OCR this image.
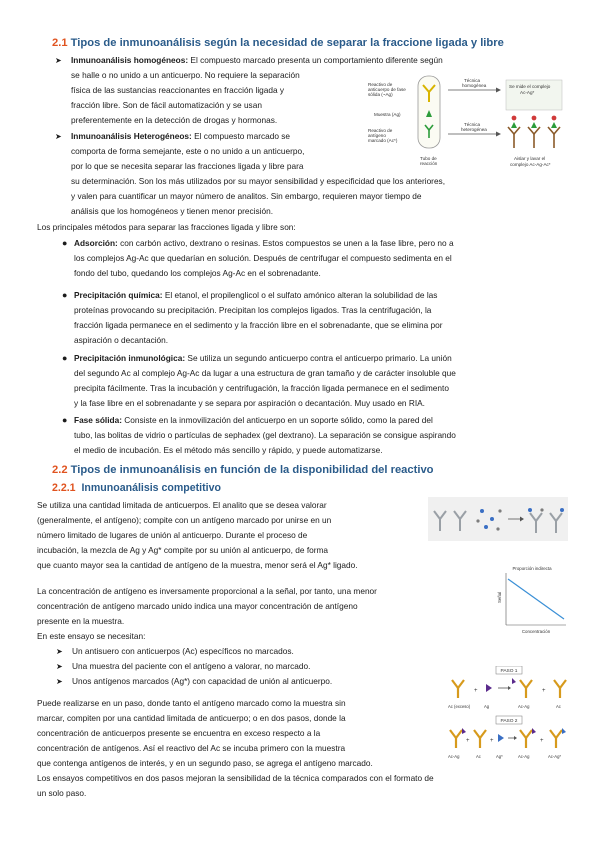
2.1 Tipos de inmunoanálisis según la necesidad de separar la fraccione ligada y libre
➤ Inmunoanálisis homogéneos: El compuesto marcado presenta un comportamiento diferente según

se halle o no unido a un anticuerpo. No requiere la separación

física de las sustancias reaccionantes en fracción ligada y

fracción libre. Son de fácil automatización y se usan

preferentemente en la detección de drogas y hormonas.

➤ Inmunoanálisis Heterogéneos: El compuesto marcado se

comporta de forma semejante, este o no unido a un anticuerpo,

por lo que se necesita separar las fracciones ligada y libre para

su determinación. Son los más utilizados por su mayor sensibilidad y especificidad que los anteriores,

y valen para cuantificar un mayor número de analitos. Sin embargo, requieren mayor tiempo de

análisis que los homogéneos y tienen menor precisión.

Reactivo de
anticuerpo de fase
sólida (~Ag)
Muestra (Ag)
Reactivo de
antígeno
marcado (Ac*)
Tubo de
reacción
Técnica
homogénea
Técnica
heterogénea
Se mide el complejo
Ac-Ag*
Aislar y lavar el
complejo Ac-Ag-Ac*

Los principales métodos para separar las fracciones ligada y libre son:

● Adsorción: con carbón activo, dextrano o resinas. Estos compuestos se unen a la fase libre, pero no a

los complejos Ag-Ac que quedarían en solución. Después de centrifugar el compuesto sedimenta en el

fondo del tubo, quedando los complejos Ag-Ac en el sobrenadante.

● Precipitación química: El etanol, el propilenglicol o el sulfato amónico alteran la solubilidad de las

proteínas provocando su precipitación. Precipitan los complejos ligados. Tras la centrifugación, la

fracción ligada permanece en el sedimento y la fracción libre en el sobrenadante, que se elimina por

aspiración o decantación.

● Precipitación inmunológica: Se utiliza un segundo anticuerpo contra el anticuerpo primario. La unión

del segundo Ac al complejo Ag-Ac da lugar a una estructura de gran tamaño y de carácter insoluble que

precipita fácilmente. Tras la incubación y centrifugación, la fracción ligada permanece en el sedimento

y la fase libre en el sobrenadante y se separa por aspiración o decantación. Muy usado en RIA.

● Fase sólida: Consiste en la inmovilización del anticuerpo en un soporte sólido, como la pared del

tubo, las bolitas de vidrio o partículas de sephadex (gel dextrano). La separación se consigue aspirando

el medio de incubación. Es el método más sencillo y rápido, y puede automatizarse.

2.2 Tipos de inmunoanálisis en función de la disponibilidad del reactivo
2.2.1 Inmunoanálisis competitivo

Se utiliza una cantidad limitada de anticuerpos. El analito que se desea valorar

(generalmente, el antígeno); compite con un antígeno marcado por unirse en un

número limitado de lugares de unión al anticuerpo. Durante el proceso de

incubación, la mezcla de Ag y Ag* compite por su unión al anticuerpo, de forma

que cuanto mayor sea la cantidad de antígeno de la muestra, menor será el Ag* ligado.

La concentración de antígeno es inversamente proporcional a la señal, por tanto, una menor

concentración de antígeno marcado unido indica una mayor concentración de antígeno

presente en la muestra.

Proporción indirecta
Señal
Concentración

En este ensayo se necesitan:

➤ Un antisuero con anticuerpos (Ac) específicos no marcados.

➤ Una muestra del paciente con el antígeno a valorar, no marcado.

➤ Unos antígenos marcados (Ag*) con capacidad de unión al anticuerpo.

PASO 1
+	+
Ac (exceso)	Ag	Ac-Ag	Ac
PASO 2
+	+	+
Ac-Ag	Ac	Ag*	Ac-Ag	Ac-Ag*

Puede realizarse en un paso, donde tanto el antígeno marcado como la muestra sin

marcar, compiten por una cantidad limitada de anticuerpo; o en dos pasos, donde la

concentración de anticuerpos presente se encuentra en exceso respecto a la

concentración de antígenos. Así el reactivo del Ac se incuba primero con la muestra

que contenga antígenos de interés, y en un segundo paso, se agrega el antígeno marcado.

Los ensayos competitivos en dos pasos mejoran la sensibilidad de la técnica comparados con el formato de

un solo paso.
